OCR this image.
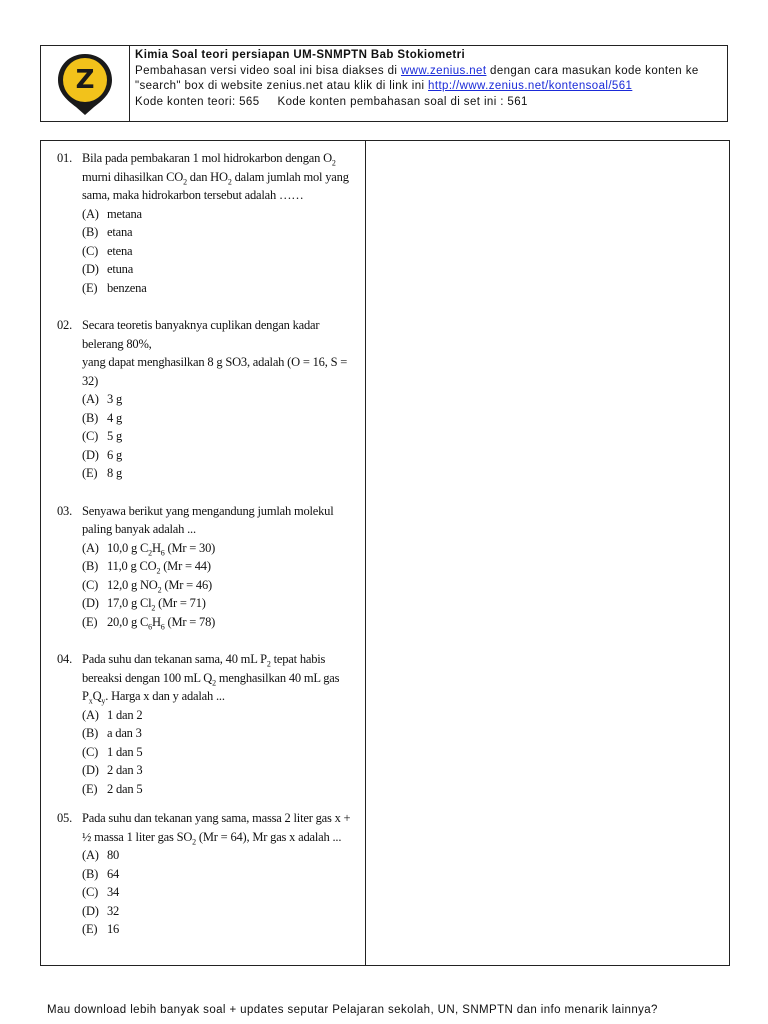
Z
Kimia Soal teori persiapan UM-SNMPTN Bab Stokiometri
Pembahasan versi video soal ini bisa diakses di www.zenius.net dengan cara masukan kode konten ke
"search" box di website zenius.net atau klik di link ini http://www.zenius.net/kontensoal/561
Kode konten teori: 565     Kode konten pembahasan soal di set ini : 561
01. Bila pada pembakaran 1 mol hidrokarbon dengan $O_2$ murni dihasilkan $CO_2$ dan $HO_2$ dalam jumlah mol yang sama, maka hidrokarbon tersebut adalah ……
(A) metana
(B) etana
(C) etena
(D) etuna
(E) benzena
02. Secara teoretis banyaknya cuplikan dengan kadar belerang 80%,
yang dapat menghasilkan 8 g SO3, adalah (O = 16, S = 32)
(A) 3 g
(B) 4 g
(C) 5 g
(D) 6 g
(E) 8 g
03. Senyawa berikut yang mengandung jumlah molekul paling banyak adalah ...
(A) 10,0 g $C_2H_6$ (Mr = 30)
(B) 11,0 g $CO_2$ (Mr = 44)
(C) 12,0 g $NO_2$ (Mr = 46)
(D) 17,0 g $Cl_2$ (Mr = 71)
(E) 20,0 g $C_6H_6$ (Mr = 78)
04. Pada suhu dan tekanan sama, 40 mL $P_2$ tepat habis bereaksi dengan 100 mL $Q_2$ menghasilkan 40 mL gas $P_xQ_y$. Harga x dan y adalah ...
(A) 1 dan 2
(B) a dan 3
(C) 1 dan 5
(D) 2 dan 3
(E) 2 dan 5
05. Pada suhu dan tekanan yang sama, massa 2 liter gas x + ½ massa 1 liter gas $SO_2$ (Mr = 64), Mr gas x adalah ...
(A) 80
(B) 64
(C) 34
(D) 32
(E) 16
Mau download lebih banyak soal + updates seputar Pelajaran sekolah, UN, SNMPTN dan info menarik lainnya?
